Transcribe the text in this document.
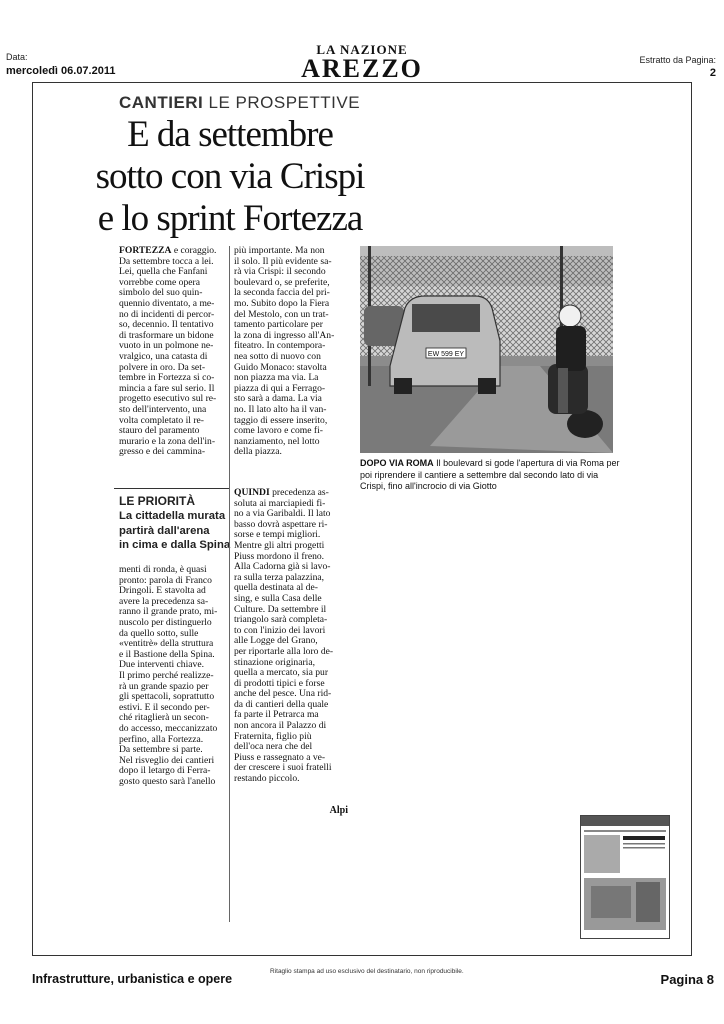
Data:
mercoledì 06.07.2011
LA NAZIONE
AREZZO	Estratto da Pagina:
2
CANTIERI LE PROSPETTIVE
E da settembre
sotto con via Crispi
e lo sprint Fortezza
FORTEZZA e coraggio.
Da settembre tocca a lei.
Lei, quella che Fanfani
vorrebbe come opera
simbolo del suo quin-
quennio diventato, a me-
no di incidenti di percor-
so, decennio. Il tentativo
di trasformare un bidone
vuoto in un polmone ne-
vralgico, una catasta di
polvere in oro. Da set-
tembre in Fortezza si co-
mincia a fare sul serio. Il
progetto esecutivo sul re-
sto dell'intervento, una
volta completato il re-
stauro del paramento
murario e la zona dell'in-
gresso e dei cammina-
LE PRIORITÀ
La cittadella murata
partirà dall'arena
in cima e dalla Spina
menti di ronda, è quasi
pronto: parola di Franco
Dringoli. E stavolta ad
avere la precedenza sa-
ranno il grande prato, mi-
nuscolo per distinguerlo
da quello sotto, sulle
«ventitrè» della struttura
e il Bastione della Spina.
Due interventi chiave.
Il primo perché realizze-
rà un grande spazio per
gli spettacoli, soprattutto
estivi. E il secondo per-
ché ritaglierà un secon-
do accesso, meccanizzato
perfino, alla Fortezza.
Da settembre si parte.
Nel risveglio dei cantieri
dopo il letargo di Ferra-
gosto questo sarà l'anello
più importante. Ma non
il solo. Il più evidente sa-
rà via Crispi: il secondo
boulevard o, se preferite,
la seconda faccia del pri-
mo. Subito dopo la Fiera
del Mestolo, con un trat-
tamento particolare per
la zona di ingresso all'An-
fiteatro. In contempora-
nea sotto di nuovo con
Guido Monaco: stavolta
non piazza ma via. La
piazza di qui a Ferrago-
sto sarà a dama. La via
no. Il lato alto ha il van-
taggio di essere inserito,
come lavoro e come fi-
nanziamento, nel lotto
della piazza.
QUINDI precedenza as-
soluta ai marciapiedi fi-
no a via Garibaldi. Il lato
basso dovrà aspettare ri-
sorse e tempi migliori.
Mentre gli altri progetti
Piuss mordono il freno.
Alla Cadorna già si lavo-
ra sulla terza palazzina,
quella destinata al de-
sing, e sulla Casa delle
Culture. Da settembre il
triangolo sarà completa-
to con l'inizio dei lavori
alle Logge del Grano,
per riportarle alla loro de-
stinazione originaria,
quella a mercato, sia pur
di prodotti tipici e forse
anche del pesce. Una rid-
da di cantieri della quale
fa parte il Petrarca ma
non ancora il Palazzo di
Fraternita, figlio più
dell'oca nera che del
Piuss e rassegnato a ve-
der crescere i suoi fratelli
restando piccolo.
Alpi
EW 599 EY
DOPO VIA ROMA Il boulevard si gode l'apertura di via Roma per poi riprendere il cantiere a settembre dal secondo lato di via Crispi, fino all'incrocio di via Giotto
Infrastrutture, urbanistica e opere
Ritaglio stampa ad uso esclusivo del destinatario, non riproducibile.
Pagina 8
